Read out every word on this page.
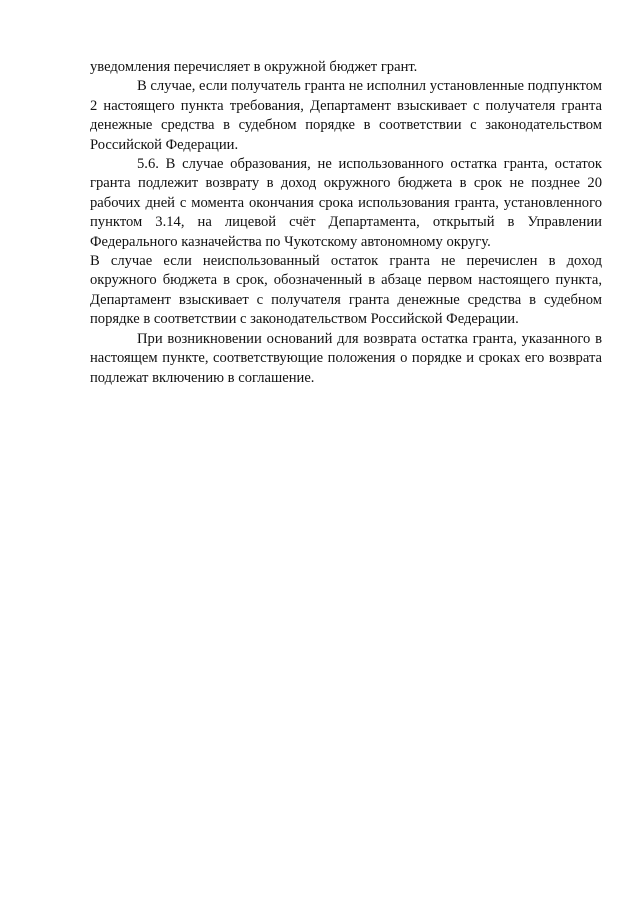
уведомления перечисляет в окружной бюджет грант.

В случае, если получатель гранта не исполнил установленные подпунктом 2 настоящего пункта требования, Департамент взыскивает с получателя гранта денежные средства в судебном порядке в соответствии с законодательством Российской Федерации.

5.6. В случае образования, не использованного остатка гранта, остаток гранта подлежит возврату в доход окружного бюджета в срок не позднее 20 рабочих дней с момента окончания срока использования гранта, установленного пунктом 3.14, на лицевой счёт Департамента, открытый в Управлении Федерального казначейства по Чукотскому автономному округу.

В случае если неиспользованный остаток гранта не перечислен в доход окружного бюджета в срок, обозначенный в абзаце первом настоящего пункта, Департамент взыскивает с получателя гранта денежные средства в судебном порядке в соответствии с законодательством Российской Федерации.

При возникновении оснований для возврата остатка гранта, указанного в настоящем пункте, соответствующие положения о порядке и сроках его возврата подлежат включению в соглашение.
